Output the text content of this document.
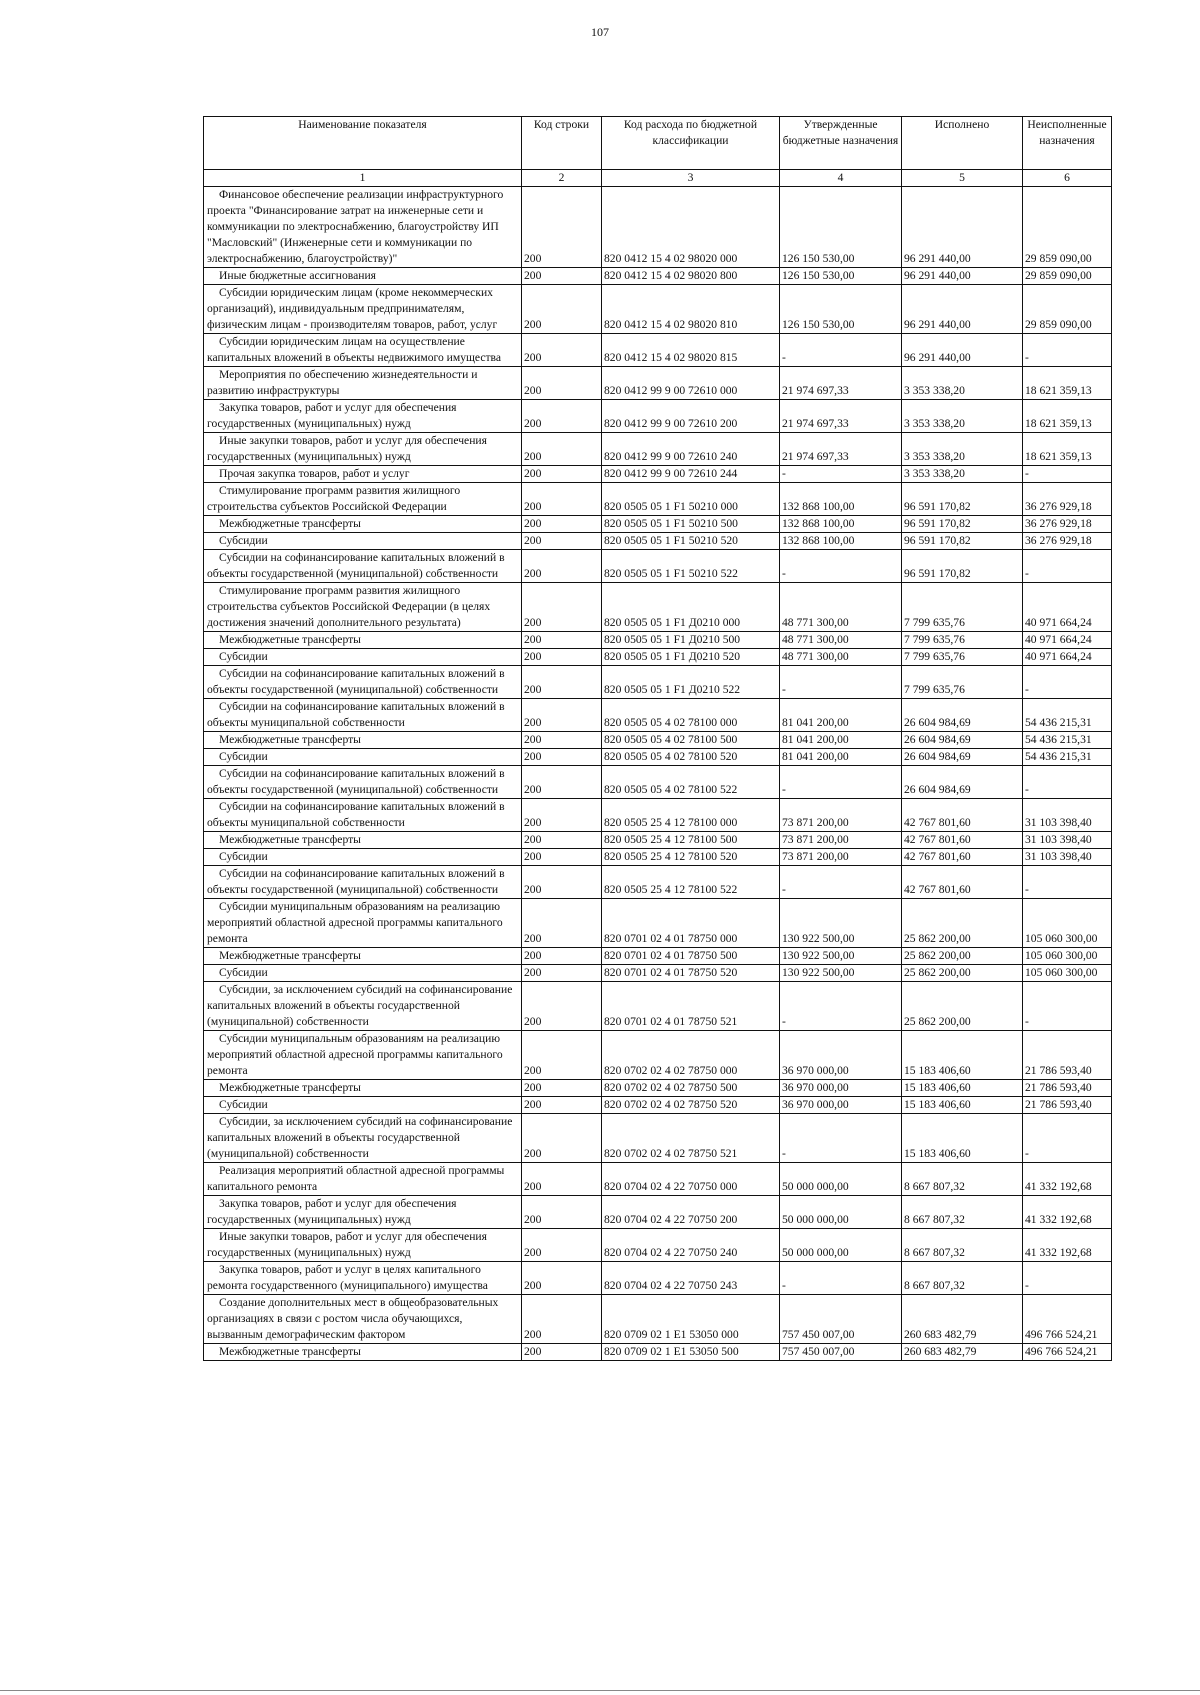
107
Наименование показателя	Код строки	Код расхода по бюджетной классификации	Утвержденные бюджетные назначения	Исполнено	Неисполненные назначения
1	2	3	4	5	6

Финансовое обеспечение реализации инфраструктурного проекта "Финансирование затрат на инженерные сети и коммуникации по электроснабжению, благоустройству ИП "Масловский" (Инженерные сети и коммуникации по электроснабжению, благоустройству)"	200	820 0412 15 4 02 98020 000	126 150 530,00	96 291 440,00	29 859 090,00

Иные бюджетные ассигнования	200	820 0412 15 4 02 98020 800	126 150 530,00	96 291 440,00	29 859 090,00

Субсидии юридическим лицам (кроме некоммерческих организаций), индивидуальным предпринимателям, физическим лицам - производителям товаров, работ, услуг	200	820 0412 15 4 02 98020 810	126 150 530,00	96 291 440,00	29 859 090,00

Субсидии юридическим лицам на осуществление капитальных вложений в объекты недвижимого имущества	200	820 0412 15 4 02 98020 815	-	96 291 440,00	-

Мероприятия по обеспечению жизнедеятельности и развитию инфраструктуры	200	820 0412 99 9 00 72610 000	21 974 697,33	3 353 338,20	18 621 359,13

Закупка товаров, работ и услуг для обеспечения государственных (муниципальных) нужд	200	820 0412 99 9 00 72610 200	21 974 697,33	3 353 338,20	18 621 359,13

Иные закупки товаров, работ и услуг для обеспечения государственных (муниципальных) нужд	200	820 0412 99 9 00 72610 240	21 974 697,33	3 353 338,20	18 621 359,13

Прочая закупка товаров, работ и услуг	200	820 0412 99 9 00 72610 244	-	3 353 338,20	-

Стимулирование программ развития жилищного строительства субъектов Российской Федерации	200	820 0505 05 1 F1 50210 000	132 868 100,00	96 591 170,82	36 276 929,18

Межбюджетные трансферты	200	820 0505 05 1 F1 50210 500	132 868 100,00	96 591 170,82	36 276 929,18

Субсидии	200	820 0505 05 1 F1 50210 520	132 868 100,00	96 591 170,82	36 276 929,18

Субсидии на софинансирование капитальных вложений в объекты государственной (муниципальной) собственности	200	820 0505 05 1 F1 50210 522	-	96 591 170,82	-

Стимулирование программ развития жилищного строительства субъектов Российской Федерации (в целях достижения значений дополнительного результата)	200	820 0505 05 1 F1 Д0210 000	48 771 300,00	7 799 635,76	40 971 664,24

Межбюджетные трансферты	200	820 0505 05 1 F1 Д0210 500	48 771 300,00	7 799 635,76	40 971 664,24

Субсидии	200	820 0505 05 1 F1 Д0210 520	48 771 300,00	7 799 635,76	40 971 664,24

Субсидии на софинансирование капитальных вложений в объекты государственной (муниципальной) собственности	200	820 0505 05 1 F1 Д0210 522	-	7 799 635,76	-

Субсидии на софинансирование капитальных вложений в объекты муниципальной собственности	200	820 0505 05 4 02 78100 000	81 041 200,00	26 604 984,69	54 436 215,31

Межбюджетные трансферты	200	820 0505 05 4 02 78100 500	81 041 200,00	26 604 984,69	54 436 215,31

Субсидии	200	820 0505 05 4 02 78100 520	81 041 200,00	26 604 984,69	54 436 215,31

Субсидии на софинансирование капитальных вложений в объекты государственной (муниципальной) собственности	200	820 0505 05 4 02 78100 522	-	26 604 984,69	-

Субсидии на софинансирование капитальных вложений в объекты муниципальной собственности	200	820 0505 25 4 12 78100 000	73 871 200,00	42 767 801,60	31 103 398,40

Межбюджетные трансферты	200	820 0505 25 4 12 78100 500	73 871 200,00	42 767 801,60	31 103 398,40

Субсидии	200	820 0505 25 4 12 78100 520	73 871 200,00	42 767 801,60	31 103 398,40

Субсидии на софинансирование капитальных вложений в объекты государственной (муниципальной) собственности	200	820 0505 25 4 12 78100 522	-	42 767 801,60	-

Субсидии муниципальным образованиям на реализацию мероприятий областной адресной программы капитального ремонта	200	820 0701 02 4 01 78750 000	130 922 500,00	25 862 200,00	105 060 300,00

Межбюджетные трансферты	200	820 0701 02 4 01 78750 500	130 922 500,00	25 862 200,00	105 060 300,00

Субсидии	200	820 0701 02 4 01 78750 520	130 922 500,00	25 862 200,00	105 060 300,00

Субсидии, за исключением субсидий на софинансирование капитальных вложений в объекты государственной (муниципальной) собственности	200	820 0701 02 4 01 78750 521	-	25 862 200,00	-

Субсидии муниципальным образованиям на реализацию мероприятий областной адресной программы капитального ремонта	200	820 0702 02 4 02 78750 000	36 970 000,00	15 183 406,60	21 786 593,40

Межбюджетные трансферты	200	820 0702 02 4 02 78750 500	36 970 000,00	15 183 406,60	21 786 593,40

Субсидии	200	820 0702 02 4 02 78750 520	36 970 000,00	15 183 406,60	21 786 593,40

Субсидии, за исключением субсидий на софинансирование капитальных вложений в объекты государственной (муниципальной) собственности	200	820 0702 02 4 02 78750 521	-	15 183 406,60	-

Реализация мероприятий областной адресной программы капитального ремонта	200	820 0704 02 4 22 70750 000	50 000 000,00	8 667 807,32	41 332 192,68

Закупка товаров, работ и услуг для обеспечения государственных (муниципальных) нужд	200	820 0704 02 4 22 70750 200	50 000 000,00	8 667 807,32	41 332 192,68

Иные закупки товаров, работ и услуг для обеспечения государственных (муниципальных) нужд	200	820 0704 02 4 22 70750 240	50 000 000,00	8 667 807,32	41 332 192,68

Закупка товаров, работ и услуг в целях капитального ремонта государственного (муниципального) имущества	200	820 0704 02 4 22 70750 243	-	8 667 807,32	-

Создание дополнительных мест в общеобразовательных организациях в связи с ростом числа обучающихся, вызванным демографическим фактором	200	820 0709 02 1 E1 53050 000	757 450 007,00	260 683 482,79	496 766 524,21

Межбюджетные трансферты	200	820 0709 02 1 E1 53050 500	757 450 007,00	260 683 482,79	496 766 524,21
